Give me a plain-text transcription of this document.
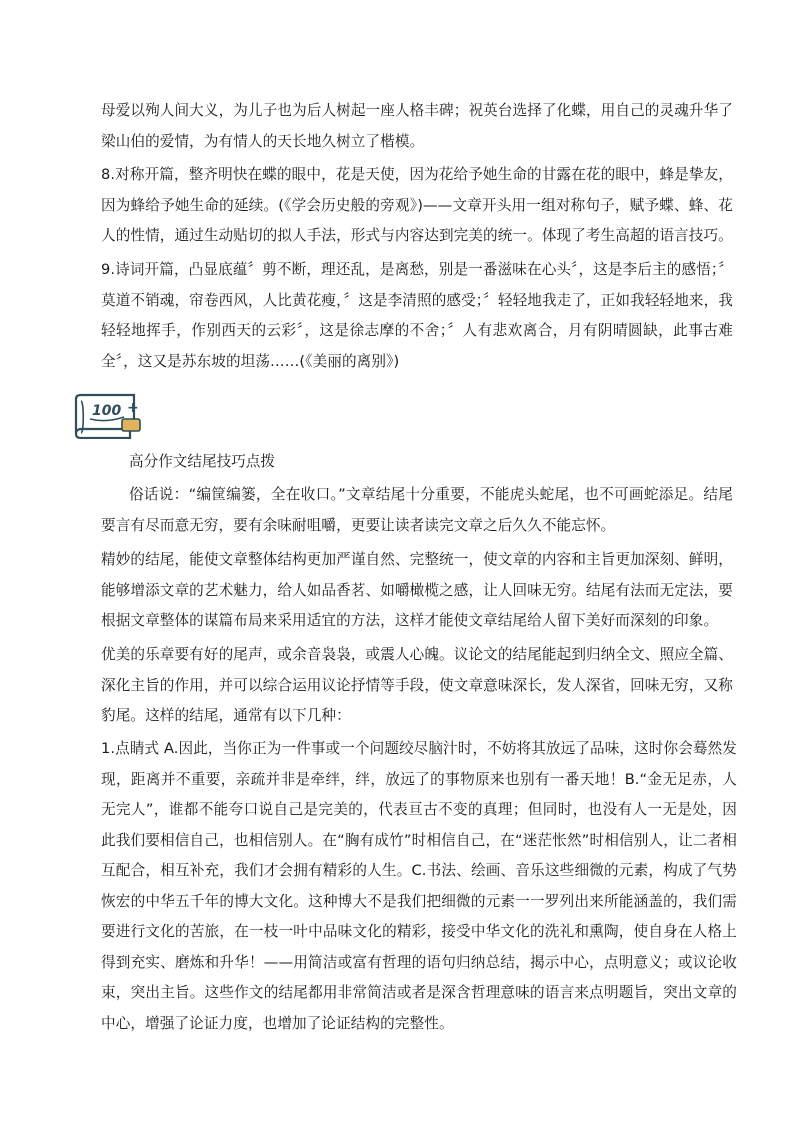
母爱以殉人间大义，为儿子也为后人树起一座人格丰碑；祝英台选择了化蝶，用自己的灵魂升华了梁山伯的爱情，为有情人的天长地久树立了楷模。

8.对称开篇，整齐明快在蝶的眼中，花是天使，因为花给予她生命的甘露在花的眼中，蜂是挚友，因为蜂给予她生命的延续。(《学会历史般的旁观》)——文章开头用一组对称句子，赋予蝶、蜂、花人的性情，通过生动贴切的拟人手法，形式与内容达到完美的统一。体现了考生高超的语言技巧。

9.诗词开篇，凸显底蕴〞剪不断，理还乱，是离愁，别是一番滋味在心头〞，这是李后主的感悟；〞莫道不销魂，帘卷西风，人比黄花瘦，〞这是李清照的感受；〞轻轻地我走了，正如我轻轻地来，我轻轻地挥手，作别西天的云彩〞，这是徐志摩的不舍；〞人有悲欢离合，月有阴晴圆缺，此事古难全〞，这又是苏东坡的坦荡……(《美丽的离别》)

100 +

高分作文结尾技巧点拨

俗话说：“编筐编篓，全在收口。”文章结尾十分重要，不能虎头蛇尾，也不可画蛇添足。结尾要言有尽而意无穷，要有余味耐咀嚼，更要让读者读完文章之后久久不能忘怀。

精妙的结尾，能使文章整体结构更加严谨自然、完整统一，使文章的内容和主旨更加深刻、鲜明，能够增添文章的艺术魅力，给人如品香茗、如嚼橄榄之感，让人回味无穷。结尾有法而无定法，要根据文章整体的谋篇布局来采用适宜的方法，这样才能使文章结尾给人留下美好而深刻的印象。

优美的乐章要有好的尾声，或余音袅袅，或震人心魄。议论文的结尾能起到归纳全文、照应全篇、深化主旨的作用，并可以综合运用议论抒情等手段，使文章意味深长，发人深省，回味无穷，又称豹尾。这样的结尾，通常有以下几种：

1.点睛式 A.因此，当你正为一件事或一个问题绞尽脑汁时，不妨将其放远了品味，这时你会蓦然发现，距离并不重要，亲疏并非是牵绊，绊，放远了的事物原来也别有一番天地！B.“金无足赤，人无完人”，谁都不能夸口说自己是完美的，代表亘古不变的真理；但同时，也没有人一无是处，因此我们要相信自己，也相信别人。在“胸有成竹”时相信自己，在“迷茫怅然”时相信别人，让二者相互配合，相互补充，我们才会拥有精彩的人生。C.书法、绘画、音乐这些细微的元素，构成了气势恢宏的中华五千年的博大文化。这种博大不是我们把细微的元素一一罗列出来所能涵盖的，我们需要进行文化的苦旅，在一枝一叶中品味文化的精彩，接受中华文化的洗礼和熏陶，使自身在人格上得到充实、磨炼和升华！——用简洁或富有哲理的语句归纳总结，揭示中心，点明意义；或议论收束，突出主旨。这些作文的结尾都用非常简洁或者是深含哲理意味的语言来点明题旨，突出文章的中心，增强了论证力度，也增加了论证结构的完整性。
